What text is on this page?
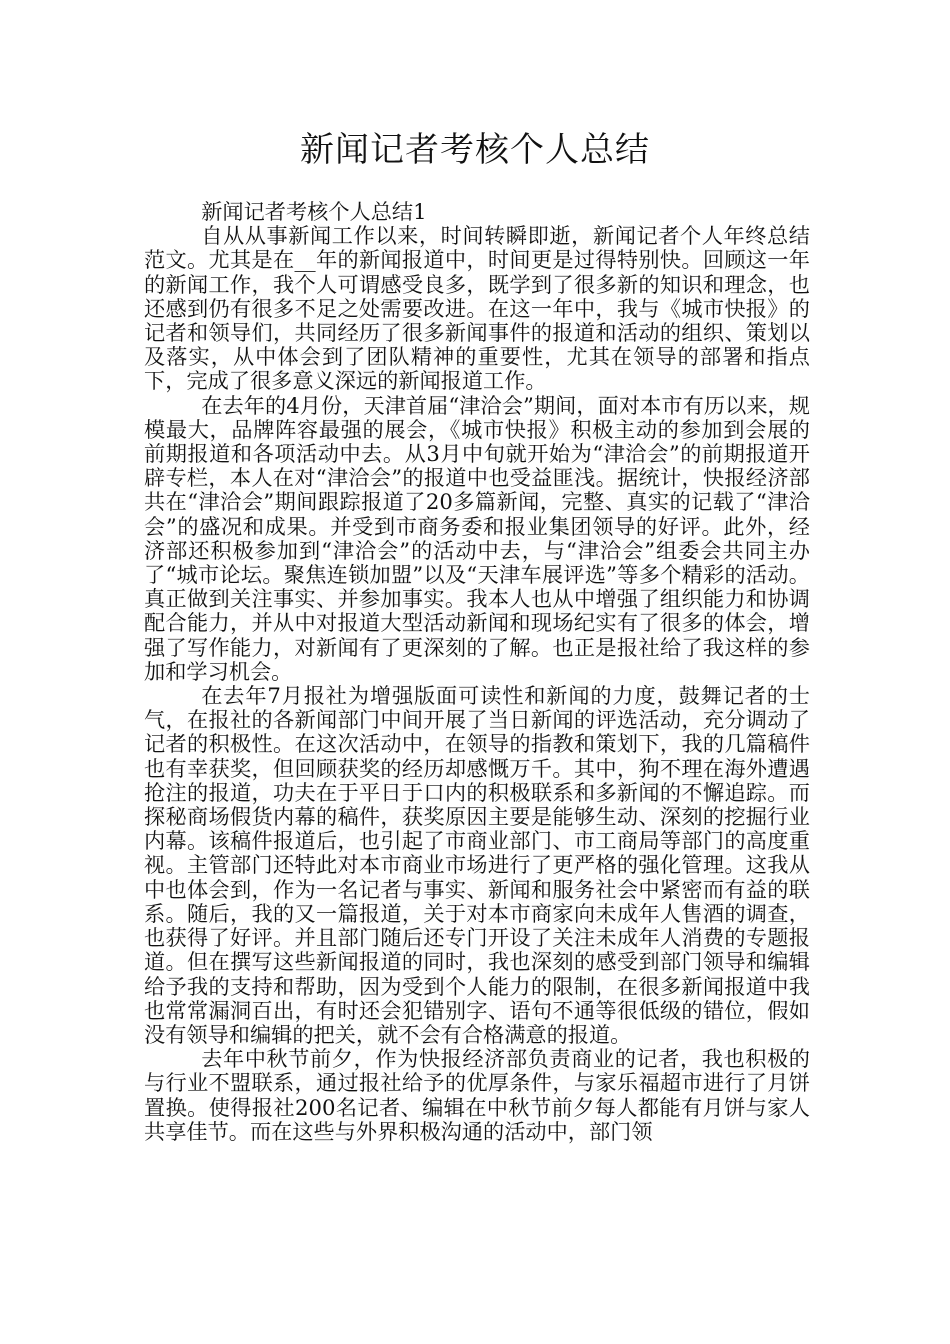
新闻记者考核个人总结

新闻记者考核个人总结1

自从从事新闻工作以来，时间转瞬即逝，新闻记者个人年终总结范文。尤其是在__年的新闻报道中，时间更是过得特别快。回顾这一年的新闻工作，我个人可谓感受良多，既学到了很多新的知识和理念，也还感到仍有很多不足之处需要改进。在这一年中，我与《城市快报》的记者和领导们，共同经历了很多新闻事件的报道和活动的组织、策划以及落实，从中体会到了团队精神的重要性，尤其在领导的部署和指点下，完成了很多意义深远的新闻报道工作。

在去年的4月份，天津首届“津洽会”期间，面对本市有历以来，规模最大，品牌阵容最强的展会，《城市快报》积极主动的参加到会展的前期报道和各项活动中去。从3月中旬就开始为“津洽会”的前期报道开辟专栏，本人在对“津洽会”的报道中也受益匪浅。据统计，快报经济部共在“津洽会”期间跟踪报道了20多篇新闻，完整、真实的记载了“津洽会”的盛况和成果。并受到市商务委和报业集团领导的好评。此外，经济部还积极参加到“津洽会”的活动中去，与“津洽会”组委会共同主办了“城市论坛。聚焦连锁加盟”以及“天津车展评选”等多个精彩的活动。真正做到关注事实、并参加事实。我本人也从中增强了组织能力和协调配合能力，并从中对报道大型活动新闻和现场纪实有了很多的体会，增强了写作能力，对新闻有了更深刻的了解。也正是报社给了我这样的参加和学习机会。

在去年7月报社为增强版面可读性和新闻的力度，鼓舞记者的士气，在报社的各新闻部门中间开展了当日新闻的评选活动，充分调动了记者的积极性。在这次活动中，在领导的指教和策划下，我的几篇稿件也有幸获奖，但回顾获奖的经历却感慨万千。其中，狗不理在海外遭遇抢注的报道，功夫在于平日于口内的积极联系和多新闻的不懈追踪。而探秘商场假货内幕的稿件，获奖原因主要是能够生动、深刻的挖掘行业内幕。该稿件报道后，也引起了市商业部门、市工商局等部门的高度重视。主管部门还特此对本市商业市场进行了更严格的强化管理。这我从中也体会到，作为一名记者与事实、新闻和服务社会中紧密而有益的联系。随后，我的又一篇报道，关于对本市商家向未成年人售酒的调查，也获得了好评。并且部门随后还专门开设了关注未成年人消费的专题报道。但在撰写这些新闻报道的同时，我也深刻的感受到部门领导和编辑给予我的支持和帮助，因为受到个人能力的限制，在很多新闻报道中我也常常漏洞百出，有时还会犯错别字、语句不通等很低级的错位，假如没有领导和编辑的把关，就不会有合格满意的报道。

去年中秋节前夕，作为快报经济部负责商业的记者，我也积极的与行业不盟联系，通过报社给予的优厚条件，与家乐福超市进行了月饼置换。使得报社200名记者、编辑在中秋节前夕每人都能有月饼与家人共享佳节。而在这些与外界积极沟通的活动中，部门领
